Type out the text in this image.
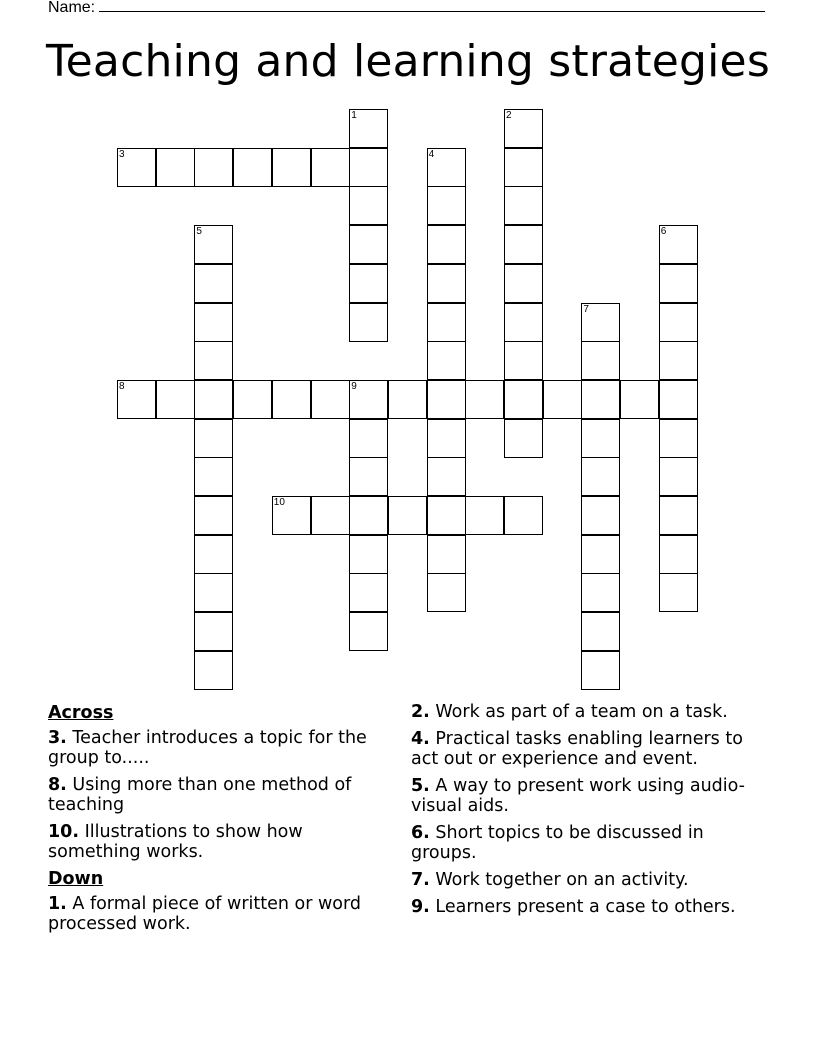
Name:
Teaching and learning strategies
1	2
3	4
5	6
7
8	9
10
Across
3. Teacher introduces a topic for the group to.....
8. Using more than one method of teaching
10. Illustrations to show how something works.
Down
1. A formal piece of written or word processed work.
2. Work as part of a team on a task.
4. Practical tasks enabling learners to act out or experience and event.
5. A way to present work using audio- visual aids.
6. Short topics to be discussed in groups.
7. Work together on an activity.
9. Learners present a case to others.
